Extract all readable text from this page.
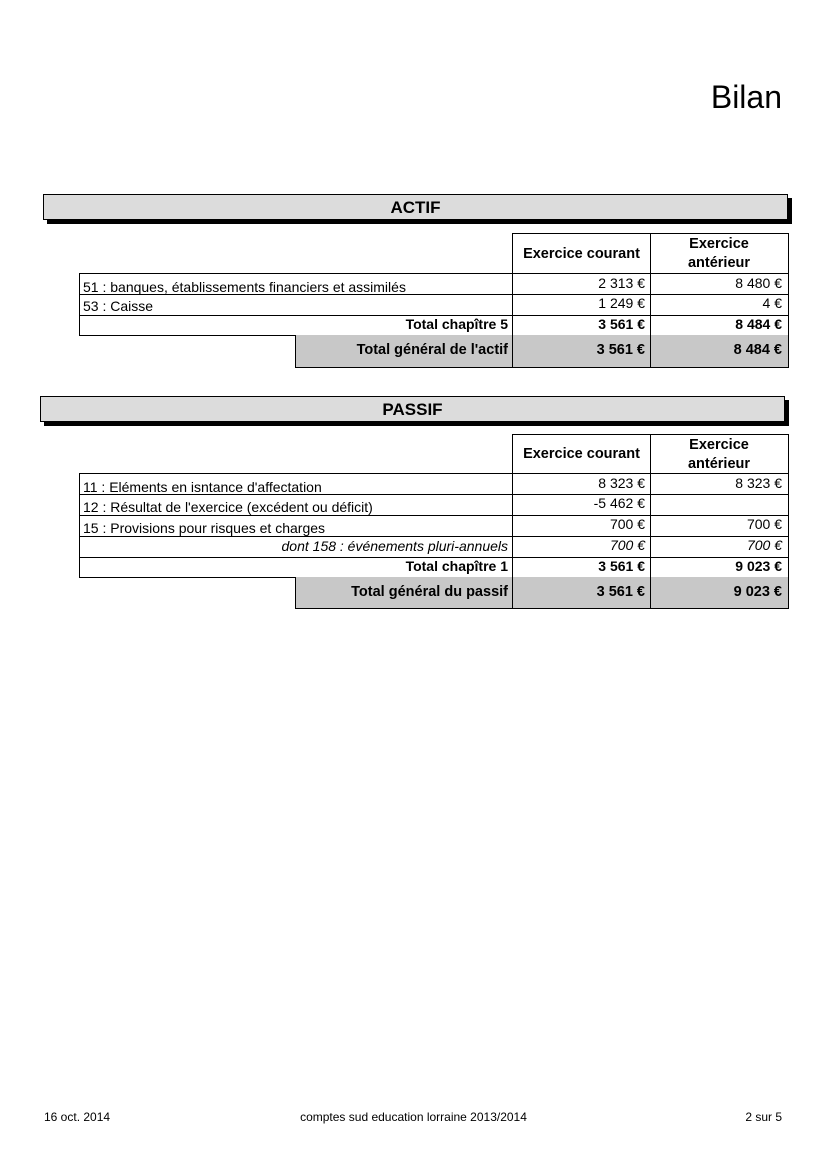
Bilan
ACTIF
Exercice courant
Exercice
antérieur
51 : banques, établissements financiers et assimilés	2 313 €	8 480 €
53 : Caisse	1 249 €	4 €
Total chapître 5	3 561 €	8 484 €
Total général de l'actif	3 561 €	8 484 €
PASSIF
Exercice courant
Exercice
antérieur
11 : Eléments en isntance d'affectation	8 323 €	8 323 €
12 : Résultat de l'exercice (excédent ou déficit)	-5 462 €
15 : Provisions pour risques et charges	700 €	700 €
dont 158 : événements pluri-annuels	700 €	700 €
Total chapître 1	3 561 €	9 023 €
Total général du passif	3 561 €	9 023 €
16 oct. 2014	comptes sud education lorraine 2013/2014	2 sur 5
